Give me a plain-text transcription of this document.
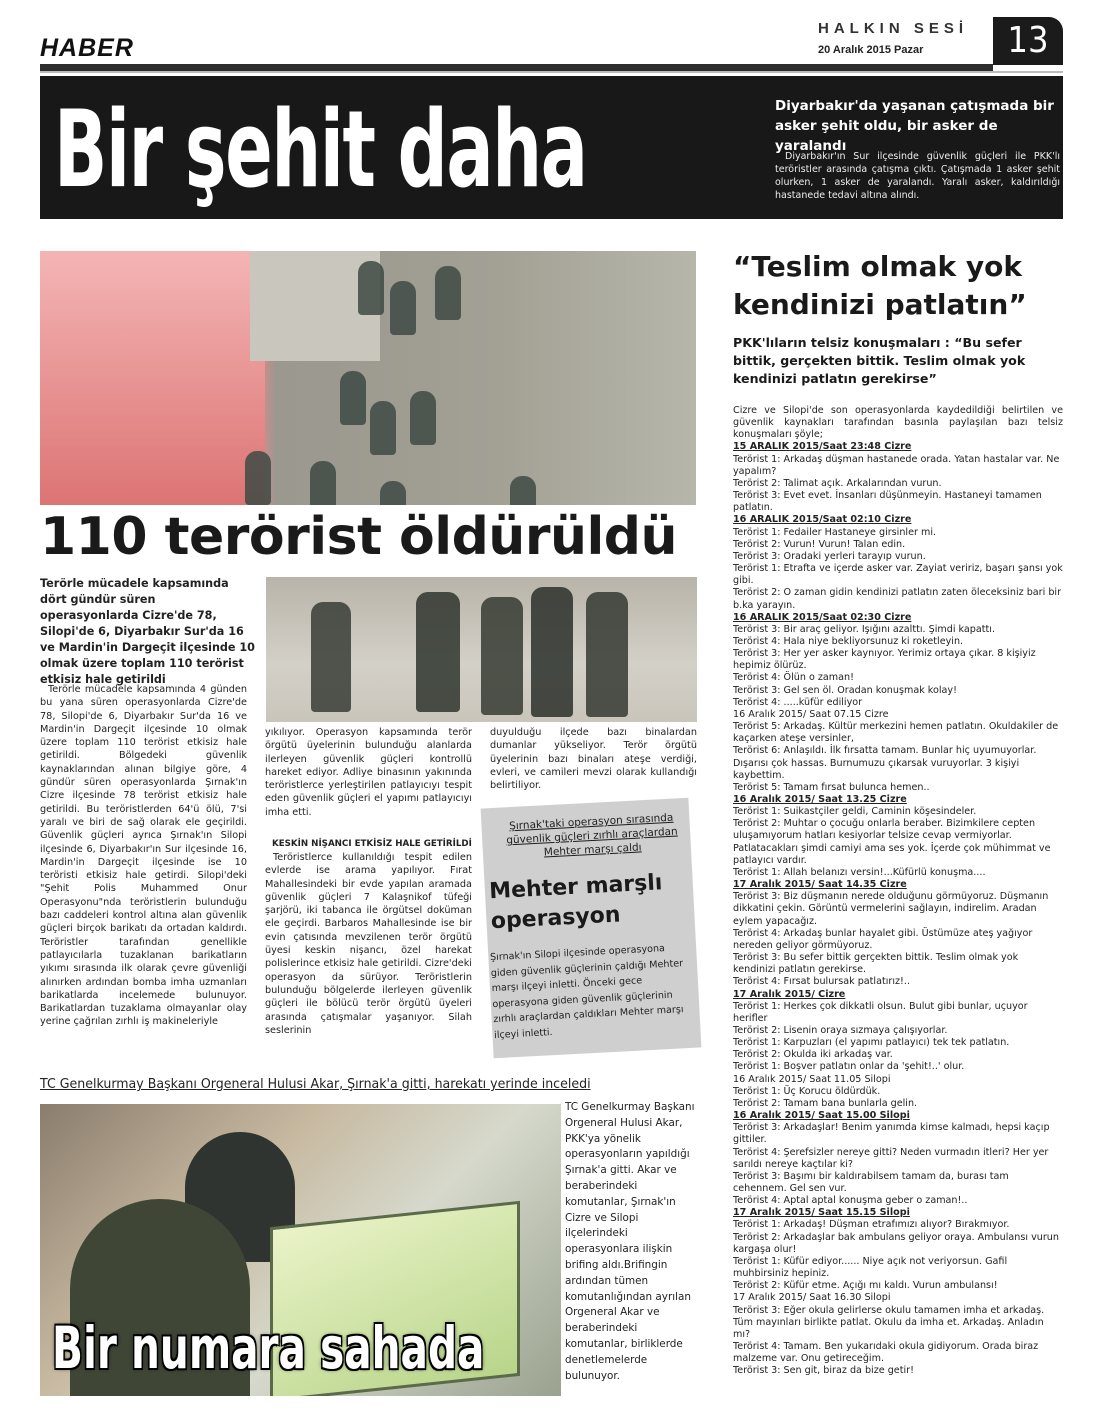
HABER
HALKIN SESİ
20 Aralık 2015 Pazar	13
Bir şehit daha	Diyarbakır'da yaşanan çatışmada bir asker şehit oldu, bir asker de yaralandı
Diyarbakır'ın Sur ilçesinde güvenlik güçleri ile PKK'lı teröristler arasında çatışma çıktı. Çatışmada 1 asker şehit olurken, 1 asker de yaralandı. Yaralı asker, kaldırıldığı hastanede tedavi altına alındı.
110 terörist öldürüldü
Terörle mücadele kapsamında dört gündür süren operasyonlarda Cizre'de 78, Silopi'de 6, Diyarbakır Sur'da 16 ve Mardin'in Dargeçit ilçesinde 10 olmak üzere toplam 110 terörist etkisiz hale getirildi
Terörle mücadele kapsamında 4 günden bu yana süren operasyonlarda Cizre'de 78, Silopi'de 6, Diyarbakır Sur'da 16 ve Mardin'in Dargeçit ilçesinde 10 olmak üzere toplam 110 terörist etkisiz hale getirildi. Bölgedeki güvenlik kaynaklarından alınan bilgiye göre, 4 gündür süren operasyonlarda Şırnak'ın Cizre ilçesinde 78 terörist etkisiz hale getirildi. Bu teröristlerden 64'ü ölü, 7'si yaralı ve biri de sağ olarak ele geçirildi. Güvenlik güçleri ayrıca Şırnak'ın Silopi ilçesinde 6, Diyarbakır'ın Sur ilçesinde 16, Mardin'in Dargeçit ilçesinde ise 10 teröristi etkisiz hale getirdi. Silopi'deki "Şehit Polis Muhammed Onur Operasyonu"nda teröristlerin bulunduğu bazı caddeleri kontrol altına alan güvenlik güçleri birçok barikatı da ortadan kaldırdı. Teröristler tarafından genellikle patlayıcılarla tuzaklanan barikatların yıkımı sırasında ilk olarak çevre güvenliği alınırken ardından bomba imha uzmanları barikatlarda incelemede bulunuyor. Barikatlardan tuzaklama olmayanlar olay yerine çağrılan zırhlı iş makineleriyle
yıkılıyor. Operasyon kapsamında terör örgütü üyelerinin bulunduğu alanlarda ilerleyen güvenlik güçleri kontrollü hareket ediyor. Adliye binasının yakınında teröristlerce yerleştirilen patlayıcıyı tespit eden güvenlik güçleri el yapımı patlayıcıyı imha etti.
KESKİN NİŞANCI ETKİSİZ HALE GETİRİLDİ
Teröristlerce kullanıldığı tespit edilen evlerde ise arama yapılıyor. Fırat Mahallesindeki bir evde yapılan aramada güvenlik güçleri 7 Kalaşnikof tüfeği şarjörü, iki tabanca ile örgütsel doküman ele geçirdi. Barbaros Mahallesinde ise bir evin çatısında mevzilenen terör örgütü üyesi keskin nişancı, özel harekat polislerince etkisiz hale getirildi. Cizre'deki operasyon da sürüyor. Teröristlerin bulunduğu bölgelerde ilerleyen güvenlik güçleri ile bölücü terör örgütü üyeleri arasında çatışmalar yaşanıyor. Silah seslerinin
duyulduğu ilçede bazı binalardan dumanlar yükseliyor. Terör örgütü üyelerinin bazı binaları ateşe verdiği, evleri, ve camileri mevzi olarak kullandığı belirtiliyor.
Şırnak'taki operasyon sırasında güvenlik güçleri zırhlı araçlardan Mehter marşı çaldı
Mehter marşlı operasyon
Şırnak'ın Silopi ilçesinde operasyona giden güvenlik güçlerinin çaldığı Mehter marşı ilçeyi inletti. Önceki gece operasyona giden güvenlik güçlerinin zırhlı araçlardan çaldıkları Mehter marşı ilçeyi inletti.
TC Genelkurmay Başkanı Orgeneral Hulusi Akar, Şırnak'a gitti, harekatı yerinde inceledi
Bir numara sahada
TC Genelkurmay Başkanı Orgeneral Hulusi Akar, PKK'ya yönelik operasyonların yapıldığı Şırnak'a gitti. Akar ve beraberindeki komutanlar, Şırnak'ın Cizre ve Silopi ilçelerindeki operasyonlara ilişkin brifing aldı.Brifingin ardından tümen komutanlığından ayrılan Orgeneral Akar ve beraberindeki komutanlar, birliklerde denetlemelerde bulunuyor.
“Teslim olmak yok kendinizi patlatın”
PKK'lıların telsiz konuşmaları : “Bu sefer bittik, gerçekten bittik. Teslim olmak yok kendinizi patlatın gerekirse”
Cizre ve Silopi'de son operasyonlarda kaydedildiği belirtilen ve güvenlik kaynakları tarafından basınla paylaşılan bazı telsiz konuşmaları şöyle;
15 ARALIK 2015/Saat 23:48 Cizre
Terörist 1: Arkadaş düşman hastanede orada. Yatan hastalar var. Ne yapalım?
Terörist 2: Talimat açık. Arkalarından vurun.
Terörist 3: Evet evet. İnsanları düşünmeyin. Hastaneyi tamamen patlatın.
16 ARALIK 2015/Saat 02:10 Cizre
Terörist 1: Fedailer Hastaneye girsinler mi.
Terörist 2: Vurun! Vurun! Talan edin.
Terörist 3: Oradaki yerleri tarayıp vurun.
Terörist 1: Etrafta ve içerde asker var. Zayiat veririz, başarı şansı yok gibi.
Terörist 2: O zaman gidin kendinizi patlatın zaten öleceksiniz bari bir b.ka yarayın.
16 ARALIK 2015/Saat 02:30 Cizre
Terörist 3: Bir araç geliyor. Işığını azalttı. Şimdi kapattı.
Terörist 4: Hala niye bekliyorsunuz ki roketleyin.
Terörist 3: Her yer asker kaynıyor. Yerimiz ortaya çıkar. 8 kişiyiz hepimiz ölürüz.
Terörist 4: Ölün o zaman!
Terörist 3: Gel sen öl. Oradan konuşmak kolay!
Terörist 4: .....küfür ediliyor
16 Aralık 2015/ Saat 07.15 Cizre
Terörist 5: Arkadaş. Kültür merkezini hemen patlatın. Okuldakiler de kaçarken ateşe versinler,
Terörist 6: Anlaşıldı. İlk fırsatta tamam. Bunlar hiç uyumuyorlar. Dışarısı çok hassas. Burnumuzu çıkarsak vuruyorlar. 3 kişiyi kaybettim.
Terörist 5: Tamam fırsat bulunca hemen..
16 Aralık 2015/ Saat 13.25 Cizre
Terörist 1: Suikastçiler geldi, Caminin köşesindeler.
Terörist 2: Muhtar o çocuğu onlarla beraber. Bizimkilere cepten uluşamıyorum hatları kesiyorlar telsize cevap vermiyorlar. Patlatacakları şimdi camiyi ama ses yok. İçerde çok mühimmat ve patlayıcı vardır.
Terörist 1: Allah belanızı versin!...Küfürlü konuşma....
17 Aralık 2015/ Saat 14.35 Cizre
Terörist 3: Biz düşmanın nerede olduğunu görmüyoruz. Düşmanın dikkatini çekin. Görüntü vermelerini sağlayın, indirelim. Aradan eylem yapacağız.
Terörist 4: Arkadaş bunlar hayalet gibi. Üstümüze ateş yağıyor nereden geliyor görmüyoruz.
Terörist 3: Bu sefer bittik gerçekten bittik. Teslim olmak yok kendinizi patlatın gerekirse.
Terörist 4: Fırsat bulursak patlatırız!..
17 Aralık 2015/ Cizre
Terörist 1: Herkes çok dikkatli olsun. Bulut gibi bunlar, uçuyor herifler
Terörist 2: Lisenin oraya sızmaya çalışıyorlar.
Terörist 1: Karpuzları (el yapımı patlayıcı) tek tek patlatın.
Terörist 2: Okulda iki arkadaş var.
Terörist 1: Boşver patlatın onlar da 'şehit!..' olur.
16 Aralık 2015/ Saat 11.05 Silopi
Terörist 1: Üç Korucu öldürdük.
Terörist 2: Tamam bana bunlarla gelin.
16 Aralık 2015/ Saat 15.00 Silopi
Terörist 3: Arkadaşlar! Benim yanımda kimse kalmadı, hepsi kaçıp gittiler.
Terörist 4: Şerefsizler nereye gitti? Neden vurmadın itleri? Her yer sarıldı nereye kaçtılar ki?
Terörist 3: Başımı bir kaldırabilsem tamam da, burası tam cehennem. Gel sen vur.
Terörist 4: Aptal aptal konuşma geber o zaman!..
17 Aralık 2015/ Saat 15.15 Silopi
Terörist 1: Arkadaş! Düşman etrafımızı alıyor? Bırakmıyor.
Terörist 2: Arkadaşlar bak ambulans geliyor oraya. Ambulansı vurun kargaşa olur!
Terörist 1: Küfür ediyor...... Niye açık not veriyorsun. Gafil muhbirsiniz hepiniz.
Terörist 2: Küfür etme. Açığı mı kaldı. Vurun ambulansı!
17 Aralık 2015/ Saat 16.30 Silopi
Terörist 3: Eğer okula gelirlerse okulu tamamen imha et arkadaş. Tüm mayınları birlikte patlat. Okulu da imha et. Arkadaş. Anladın mı?
Terörist 4: Tamam. Ben yukarıdaki okula gidiyorum. Orada biraz malzeme var. Onu getireceğim.
Terörist 3: Sen git, biraz da bize getir!
